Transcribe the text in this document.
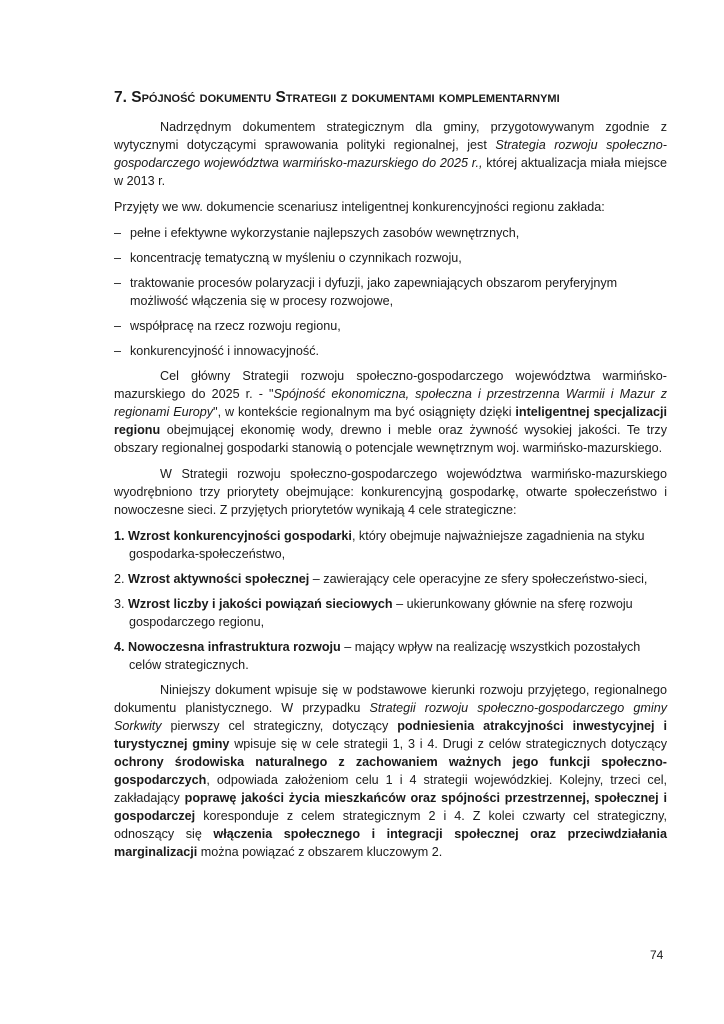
7. Spójność dokumentu Strategii z dokumentami komplementarnymi

Nadrzędnym dokumentem strategicznym dla gminy, przygotowywanym zgodnie z wytycznymi dotyczącymi sprawowania polityki regionalnej, jest Strategia rozwoju społeczno-gospodarczego województwa warmińsko-mazurskiego do 2025 r., której aktualizacja miała miejsce w 2013 r.

Przyjęty we ww. dokumencie scenariusz inteligentnej konkurencyjności regionu zakłada:

– pełne i efektywne wykorzystanie najlepszych zasobów wewnętrznych,
– koncentrację tematyczną w myśleniu o czynnikach rozwoju,
– traktowanie procesów polaryzacji i dyfuzji, jako zapewniających obszarom peryferyjnym możliwość włączenia się w procesy rozwojowe,
– współpracę na rzecz rozwoju regionu,
– konkurencyjność i innowacyjność.

Cel główny Strategii rozwoju społeczno-gospodarczego województwa warmińsko-mazurskiego do 2025 r. - "Spójność ekonomiczna, społeczna i przestrzenna Warmii i Mazur z regionami Europy", w kontekście regionalnym ma być osiągnięty dzięki inteligentnej specjalizacji regionu obejmującej ekonomię wody, drewno i meble oraz żywność wysokiej jakości. Te trzy obszary regionalnej gospodarki stanowią o potencjale wewnętrznym woj. warmińsko-mazurskiego.

W Strategii rozwoju społeczno-gospodarczego województwa warmińsko-mazurskiego wyodrębniono trzy priorytety obejmujące: konkurencyjną gospodarkę, otwarte społeczeństwo i nowoczesne sieci. Z przyjętych priorytetów wynikają 4 cele strategiczne:

1. Wzrost konkurencyjności gospodarki, który obejmuje najważniejsze zagadnienia na styku gospodarka-społeczeństwo,
2. Wzrost aktywności społecznej – zawierający cele operacyjne ze sfery społeczeństwo-sieci,
3. Wzrost liczby i jakości powiązań sieciowych – ukierunkowany głównie na sferę rozwoju gospodarczego regionu,
4. Nowoczesna infrastruktura rozwoju – mający wpływ na realizację wszystkich pozostałych celów strategicznych.

Niniejszy dokument wpisuje się w podstawowe kierunki rozwoju przyjętego, regionalnego dokumentu planistycznego. W przypadku Strategii rozwoju społeczno-gospodarczego gminy Sorkwity pierwszy cel strategiczny, dotyczący podniesienia atrakcyjności inwestycyjnej i turystycznej gminy wpisuje się w cele strategii 1, 3 i 4. Drugi z celów strategicznych dotyczący ochrony środowiska naturalnego z zachowaniem ważnych jego funkcji społeczno-gospodarczych, odpowiada założeniom celu 1 i 4 strategii wojewódzkiej. Kolejny, trzeci cel, zakładający poprawę jakości życia mieszkańców oraz spójności przestrzennej, społecznej i gospodarczej koresponduje z celem strategicznym 2 i 4. Z kolei czwarty cel strategiczny, odnoszący się włączenia społecznego i integracji społecznej oraz przeciwdziałania marginalizacji można powiązać z obszarem kluczowym 2.

74
